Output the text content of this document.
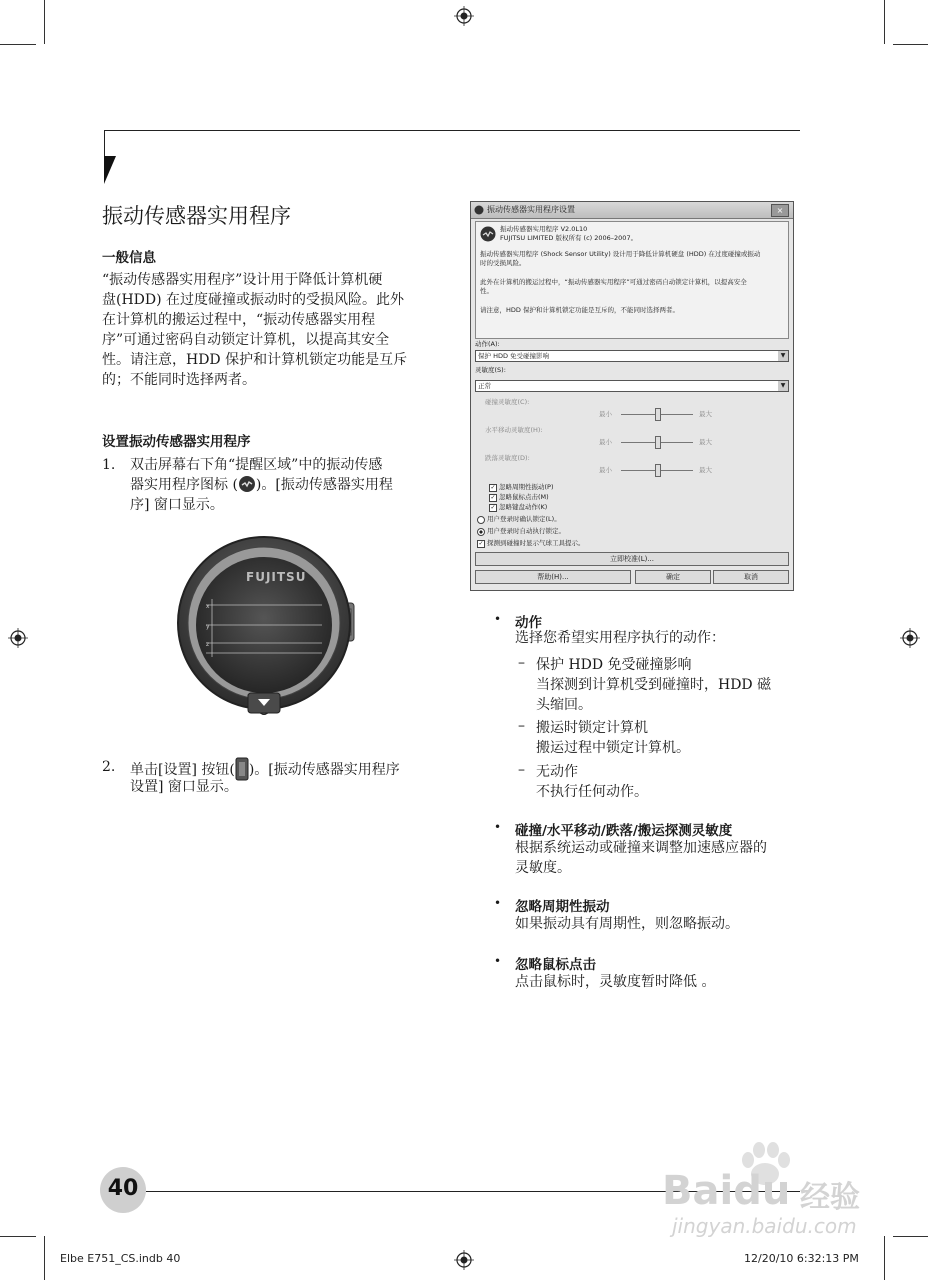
振动传感器实用程序
一般信息
“振动传感器实用程序”设计用于降低计算机硬
盘(HDD) 在过度碰撞或振动时的受损风险。此外
在计算机的搬运过程中，“振动传感器实用程
序”可通过密码自动锁定计算机，以提高其安全
性。请注意，HDD 保护和计算机锁定功能是互斥
的；不能同时选择两者。
设置振动传感器实用程序
1. 双击屏幕右下角“提醒区域”中的振动传感
器实用程序图标 ( )。[振动传感器实用程
序] 窗口显示。
x
y
z
FUJITSU
2. 单击[设置] 按钮( )。[振动传感器实用程序
设置] 窗口显示。
振动传感器实用程序设置	×
振动传感器实用程序 V2.0L10
FUJITSU LIMITED 版权所有 (c) 2006–2007。
振动传感器实用程序 (Shock Sensor Utility) 设计用于降低计算机硬盘 (HDD) 在过度碰撞或振动
时的受损风险。
此外在计算机的搬运过程中，“振动传感器实用程序”可通过密码自动锁定计算机，以提高安全
性。
请注意，HDD 保护和计算机锁定功能是互斥的，不能同时选择两者。
动作(A):
保护 HDD 免受碰撞影响	▼
灵敏度(S):
正常	▼
碰撞灵敏度(C):
最小	最大
水平移动灵敏度(H):
最小	最大
跌落灵敏度(D):
最小	最大
✓ 忽略周期性振动(P)
✓ 忽略鼠标点击(M)
✓ 忽略键盘动作(K)
用户登录时确认锁定(L)。
用户登录时自动执行锁定。
✓ 探测到碰撞时显示气球工具提示。
立即校准(L)...
帮助(H)...	确定	取消
• 动作
选择您希望实用程序执行的动作：
– 保护 HDD 免受碰撞影响
当探测到计算机受到碰撞时，HDD 磁
头缩回。
– 搬运时锁定计算机
搬运过程中锁定计算机。
– 无动作
不执行任何动作。
• 碰撞/水平移动/跌落/搬运探测灵敏度
根据系统运动或碰撞来调整加速感应器的
灵敏度。
• 忽略周期性振动
如果振动具有周期性，则忽略振动。
• 忽略鼠标点击
点击鼠标时，灵敏度暂时降低 。
40	Baidu 经验
jingyan.baidu.com
Elbe E751_CS.indb 40	12/20/10 6:32:13 PM
